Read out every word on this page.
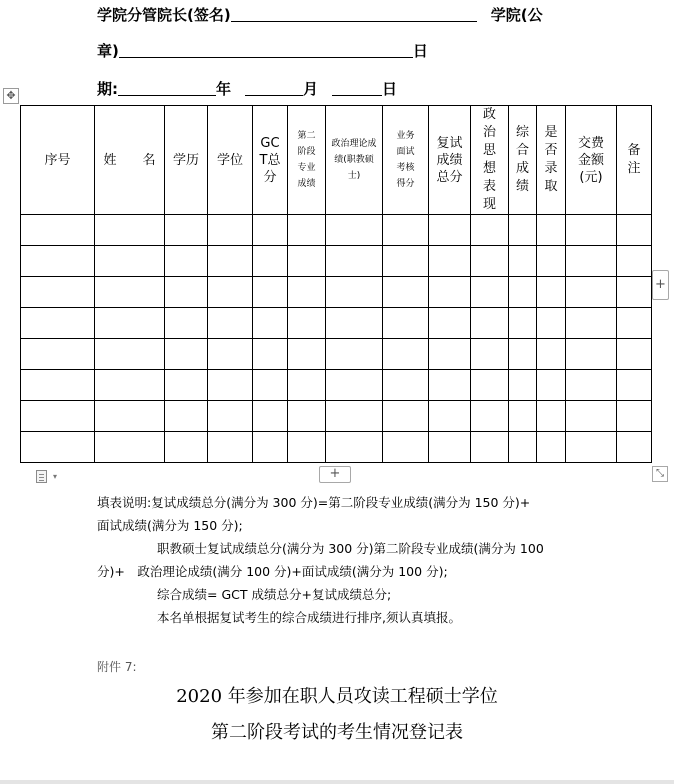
学院分管院长(签名)	学院(公
章)	日
期:	年	月	日
✥
序号	姓　　名	学历	学位	GCT总分	第二阶段专业成绩	政治理论成绩(职教硕士)	业务面试考核得分	复试成绩总分	政治思想表现	综合成绩	是否录取	交费金额(元)	备注

+
+	⤡
▾
填表说明:复试成绩总分(满分为 300 分)=第二阶段专业成绩(满分为 150 分)+
面试成绩(满分为 150 分);
职教硕士复试成绩总分(满分为 300 分)第二阶段专业成绩(满分为 100
分)+　政治理论成绩(满分 100 分)+面试成绩(满分为 100 分);
综合成绩= GCT 成绩总分+复试成绩总分;
本名单根据复试考生的综合成绩进行排序,须认真填报。
附件 7:
2020 年参加在职人员攻读工程硕士学位
第二阶段考试的考生情况登记表
